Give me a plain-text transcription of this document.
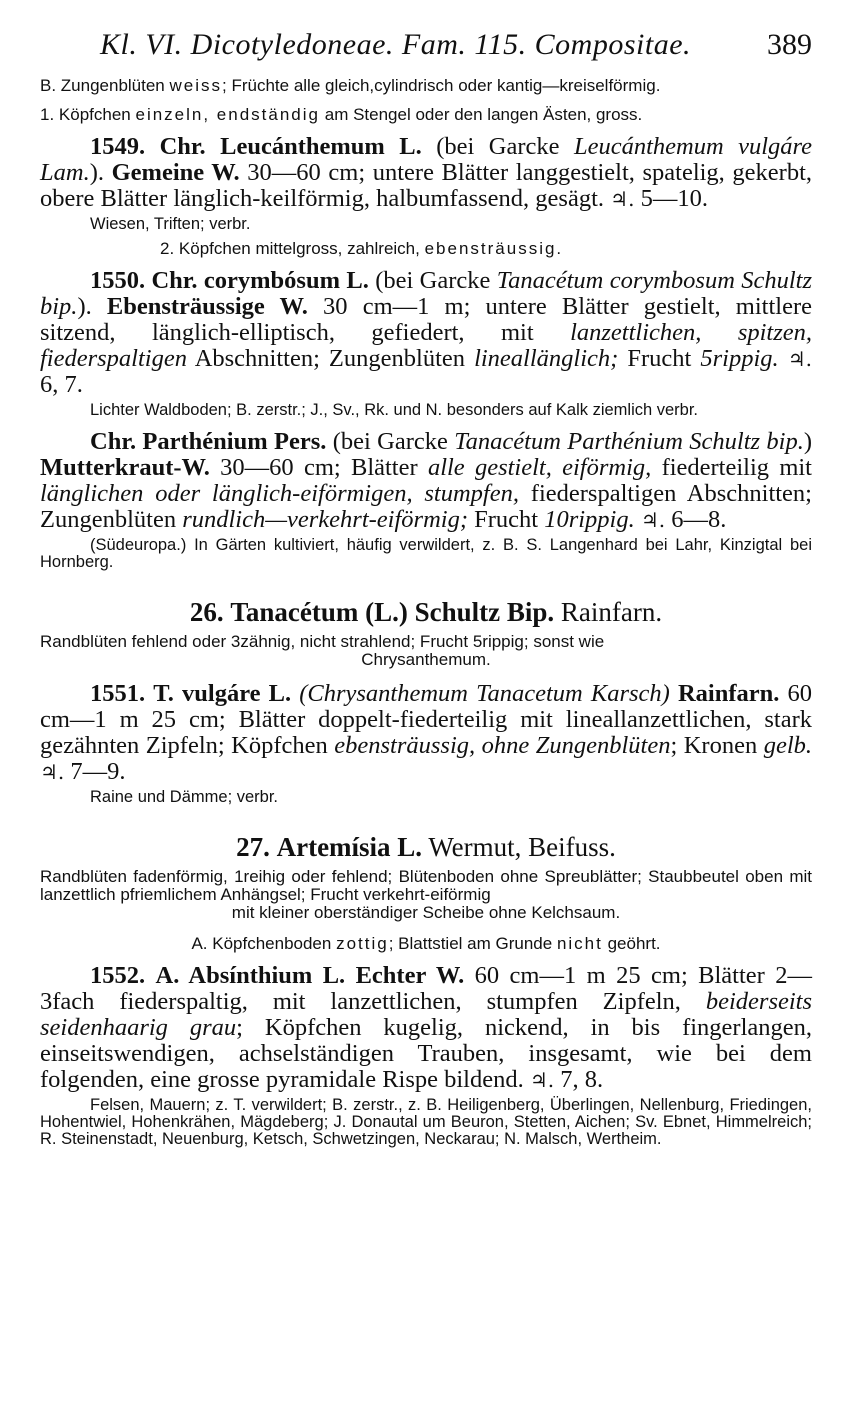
Kl. VI. Dicotyledoneae. Fam. 115. Compositae.	389
B. Zungenblüten weiss; Früchte alle gleich,cylindrisch oder kantig—kreiselförmig.
1. Köpfchen einzeln, endständig am Stengel oder den langen Ästen, gross.
1549. Chr. Leucánthemum L. (bei Garcke Leucánthemum vulgáre Lam.). Gemeine W. 30—60 cm; untere Blätter langgestielt, spatelig, gekerbt, obere Blätter länglich-keilförmig, halbumfassend, gesägt. ♃. 5—10.
Wiesen, Triften; verbr.
2. Köpfchen mittelgross, zahlreich, ebensträussig.
1550. Chr. corymbósum L. (bei Garcke Tanacétum corymbosum Schultz bip.). Ebensträussige W. 30 cm—1 m; untere Blätter gestielt, mittlere sitzend, länglich-elliptisch, gefiedert, mit lanzettlichen, spitzen, fiederspaltigen Abschnitten; Zungenblüten lineallänglich; Frucht 5rippig. ♃. 6, 7.
Lichter Waldboden; B. zerstr.; J., Sv., Rk. und N. besonders auf Kalk ziemlich verbr.
Chr. Parthénium Pers. (bei Garcke Tanacétum Parthénium Schultz bip.) Mutterkraut-W. 30—60 cm; Blätter alle gestielt, eiförmig, fiederteilig mit länglichen oder länglich-eiförmigen, stumpfen, fiederspaltigen Abschnitten; Zungenblüten rundlich—verkehrt-eiförmig; Frucht 10rippig. ♃. 6—8.
(Südeuropa.) In Gärten kultiviert, häufig verwildert, z. B. S. Langenhard bei Lahr, Kinzigtal bei Hornberg.
26. Tanacétum (L.) Schultz Bip. Rainfarn.
Randblüten fehlend oder 3zähnig, nicht strahlend; Frucht 5rippig; sonst wie
Chrysanthemum.
1551. T. vulgáre L. (Chrysanthemum Tanacetum Karsch) Rainfarn. 60 cm—1 m 25 cm; Blätter doppelt-fiederteilig mit lineallanzettlichen, stark gezähnten Zipfeln; Köpfchen ebensträussig, ohne Zungenblüten; Kronen gelb. ♃. 7—9.
Raine und Dämme; verbr.
27. Artemísia L. Wermut, Beifuss.
Randblüten fadenförmig, 1reihig oder fehlend; Blütenboden ohne Spreublätter; Staubbeutel oben mit lanzettlich pfriemlichem Anhängsel; Frucht verkehrt-eiförmig
mit kleiner oberständiger Scheibe ohne Kelchsaum.
A. Köpfchenboden zottig; Blattstiel am Grunde nicht geöhrt.
1552. A. Absínthium L. Echter W. 60 cm—1 m 25 cm; Blätter 2—3fach fiederspaltig, mit lanzettlichen, stumpfen Zipfeln, beiderseits seidenhaarig grau; Köpfchen kugelig, nickend, in bis fingerlangen, einseitswendigen, achselständigen Trauben, insgesamt, wie bei dem folgenden, eine grosse pyramidale Rispe bildend. ♃. 7, 8.
Felsen, Mauern; z. T. verwildert; B. zerstr., z. B. Heiligenberg, Überlingen, Nellenburg, Friedingen, Hohentwiel, Hohenkrähen, Mägdeberg; J. Donautal um Beuron, Stetten, Aichen; Sv. Ebnet, Himmelreich; R. Steinenstadt, Neuenburg, Ketsch, Schwetzingen, Neckarau; N. Malsch, Wertheim.
